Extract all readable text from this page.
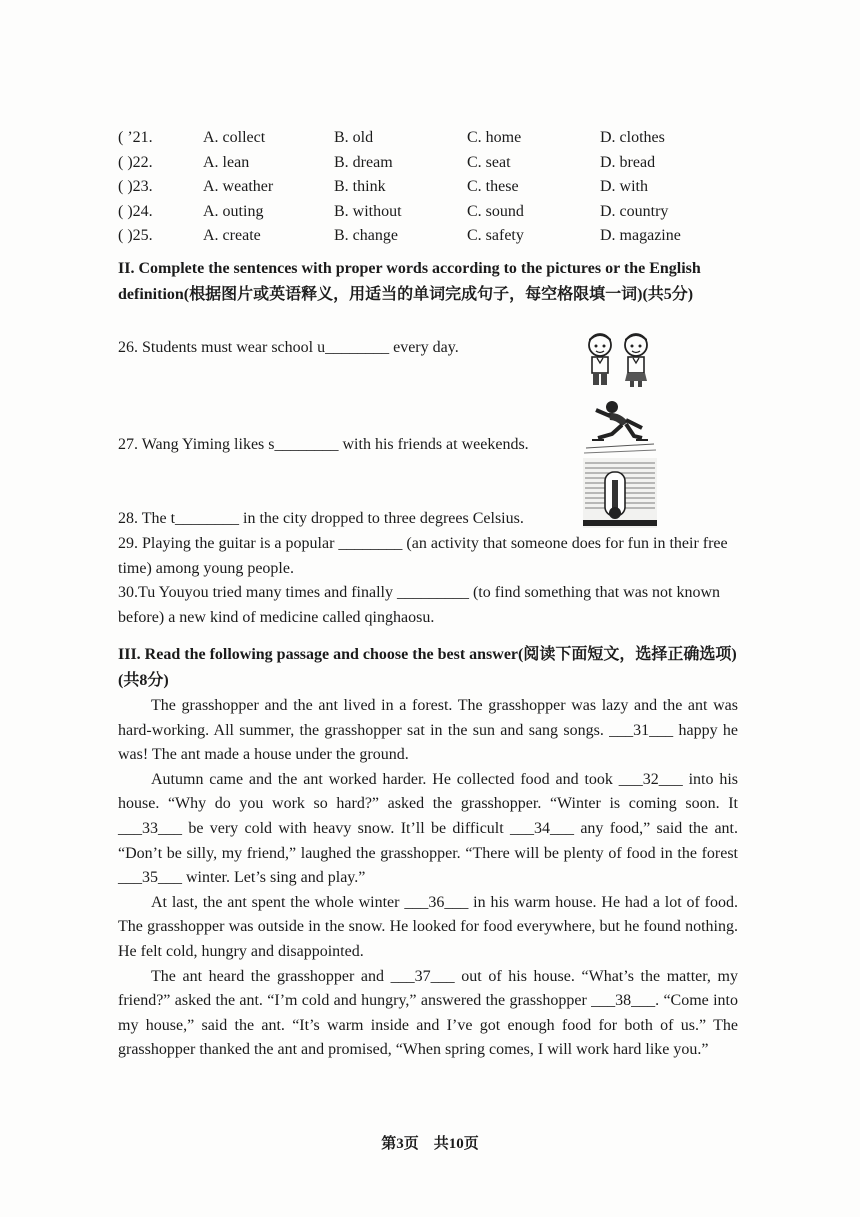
( ’21.	A. collect	B. old	C. home	D. clothes
( )22.	A. lean	B. dream	C. seat	D. bread
( )23.	A. weather	B. think	C. these	D. with
( )24.	A. outing	B. without	C. sound	D. country
( )25.	A. create	B. change	C. safety	D. magazine
II. Complete the sentences with proper words according to the pictures or the English definition(根据图片或英语释义，用适当的单词完成句子，每空格限填一词)(共5分)
26. Students must wear school u________ every day.
27. Wang Yiming likes s________ with his friends at weekends.
28. The t________ in the city dropped to three degrees Celsius.
29. Playing the guitar is a popular ________ (an activity that someone does for fun in their free time) among young people.
30.Tu Youyou tried many times and finally _________ (to find something that was not known before) a new kind of medicine called qinghaosu.
III. Read the following passage and choose the best answer(阅读下面短文，选择正确选项)(共8分)

The grasshopper and the ant lived in a forest. The grasshopper was lazy and the ant was hard-working. All summer, the grasshopper sat in the sun and sang songs. ___31___ happy he was! The ant made a house under the ground.

Autumn came and the ant worked harder. He collected food and took ___32___ into his house. “Why do you work so hard?” asked the grasshopper. “Winter is coming soon. It ___33___ be very cold with heavy snow. It’ll be difficult ___34___ any food,” said the ant. “Don’t be silly, my friend,” laughed the grasshopper. “There will be plenty of food in the forest ___35___ winter. Let’s sing and play.”

At last, the ant spent the whole winter ___36___ in his warm house. He had a lot of food. The grasshopper was outside in the snow. He looked for food everywhere, but he found nothing. He felt cold, hungry and disappointed.

The ant heard the grasshopper and ___37___ out of his house. “What’s the matter, my friend?” asked the ant. “I’m cold and hungry,” answered the grasshopper ___38___. “Come into my house,” said the ant. “It’s warm inside and I’ve got enough food for both of us.” The grasshopper thanked the ant and promised, “When spring comes, I will work hard like you.”

第3页　共10页
